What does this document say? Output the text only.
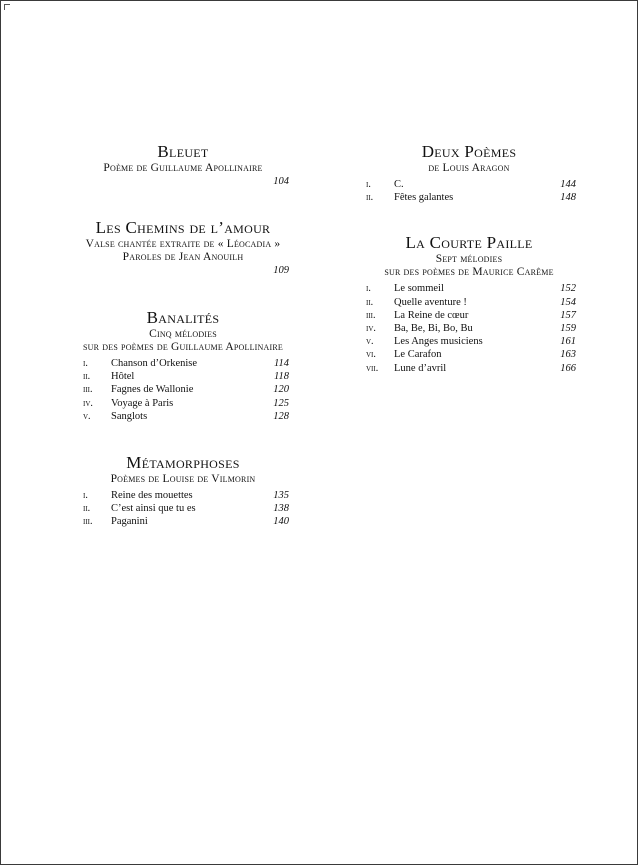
Bleuet
Poème de Guillaume Apollinaire
104
Les Chemins de l’amour
Valse chantée extraite de « Léocadia »
Paroles de Jean Anouilh
109
Banalités
Cinq mélodies
sur des poèmes de Guillaume Apollinaire
i.	Chanson d’Orkenise	114
ii.	Hôtel	118
iii.	Fagnes de Wallonie	120
iv.	Voyage à Paris	125
v.	Sanglots	128
Métamorphoses
Poèmes de Louise de Vilmorin
i.	Reine des mouettes	135
ii.	C’est ainsi que tu es	138
iii.	Paganini	140
Deux Poèmes
de Louis Aragon
i.	C.	144
ii.	Fêtes galantes	148
La Courte Paille
Sept mélodies
sur des poèmes de Maurice Carême
i.	Le sommeil	152
ii.	Quelle aventure !	154
iii.	La Reine de cœur	157
iv.	Ba, Be, Bi, Bo, Bu	159
v.	Les Anges musiciens	161
vi.	Le Carafon	163
vii.	Lune d’avril	166
